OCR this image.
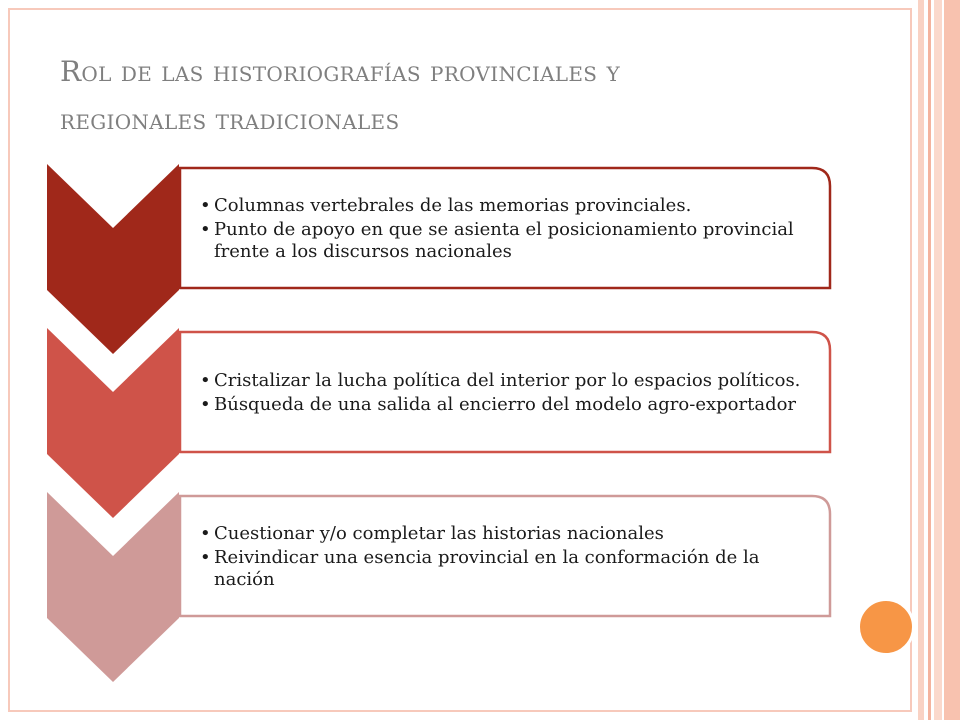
Rol de las historiografías provinciales y
regionales tradicionales
• Columnas vertebrales de las memorias provinciales.
• Punto de apoyo en que se asienta el posicionamiento provincial frente a los discursos nacionales
• Cristalizar la lucha política del interior por lo espacios políticos.
• Búsqueda de una salida al encierro del modelo agro-exportador
• Cuestionar y/o completar las historias nacionales
• Reivindicar una esencia provincial en la conformación de la nación
